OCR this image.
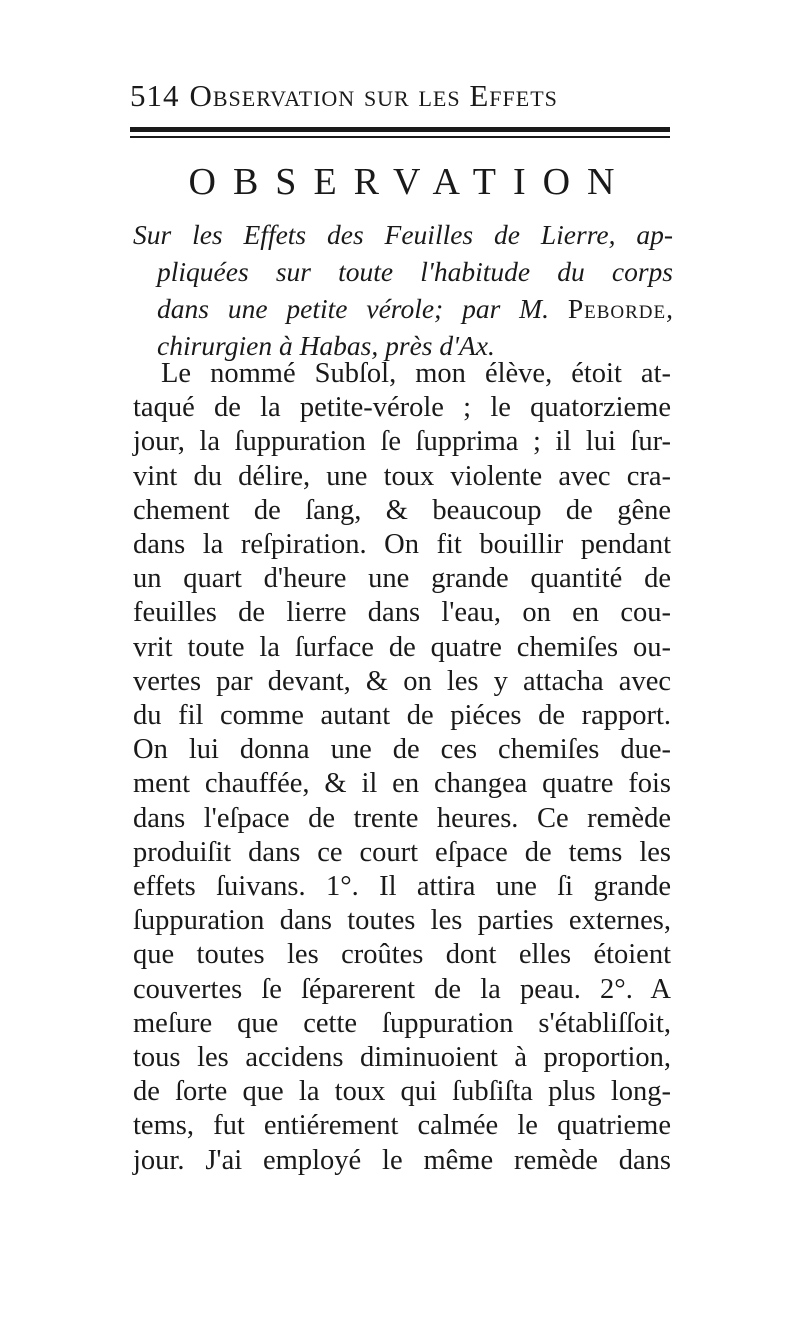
514 Observation sur les Effets
OBSERVATION
Sur les Effets des Feuilles de Lierre, ap-
pliquées sur toute l'habitude du corps
dans une petite vérole; par M. Peborde,
chirurgien à Habas, près d'Ax.
Le nommé Subſol, mon élève, étoit at-
taqué de la petite-vérole ; le quatorzieme
jour, la ſuppuration ſe ſupprima ; il lui ſur-
vint du délire, une toux violente avec cra-
chement de ſang, & beaucoup de gêne
dans la reſpiration. On fit bouillir pendant
un quart d'heure une grande quantité de
feuilles de lierre dans l'eau, on en cou-
vrit toute la ſurface de quatre chemiſes ou-
vertes par devant, & on les y attacha avec
du fil comme autant de piéces de rapport.
On lui donna une de ces chemiſes due-
ment chauffée, & il en changea quatre fois
dans l'eſpace de trente heures. Ce remède
produiſit dans ce court eſpace de tems les
effets ſuivans. 1°. Il attira une ſi grande
ſuppuration dans toutes les parties externes,
que toutes les croûtes dont elles étoient
couvertes ſe ſéparerent de la peau. 2°. A
meſure que cette ſuppuration s'établiſſoit,
tous les accidens diminuoient à proportion,
de ſorte que la toux qui ſubſiſta plus long-
tems, fut entiérement calmée le quatrieme
jour. J'ai employé le même remède dans
